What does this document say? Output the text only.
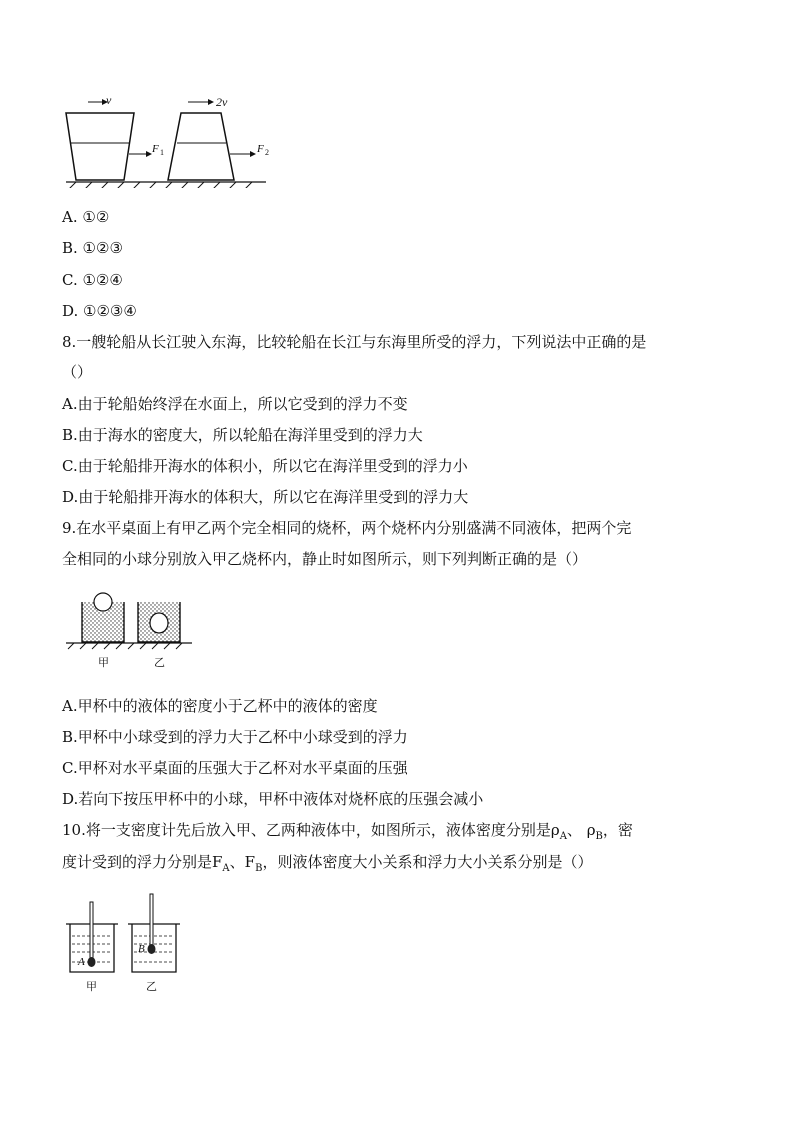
v
F 1
2v
F 2
A. ①②
B. ①②③
C. ①②④
D. ①②③④
8.一艘轮船从长江驶入东海，比较轮船在长江与东海里所受的浮力，下列说法中正确的是
（）
A.由于轮船始终浮在水面上，所以它受到的浮力不变
B.由于海水的密度大，所以轮船在海洋里受到的浮力大
C.由于轮船排开海水的体积小，所以它在海洋里受到的浮力小
D.由于轮船排开海水的体积大，所以它在海洋里受到的浮力大
9.在水平桌面上有甲乙两个完全相同的烧杯，两个烧杯内分别盛满不同液体，把两个完
全相同的小球分别放入甲乙烧杯内，静止时如图所示，则下列判断正确的是（）
甲	乙
A.甲杯中的液体的密度小于乙杯中的液体的密度
B.甲杯中小球受到的浮力大于乙杯中小球受到的浮力
C.甲杯对水平桌面的压强大于乙杯对水平桌面的压强
D.若向下按压甲杯中的小球，甲杯中液体对烧杯底的压强会减小
10.将一支密度计先后放入甲、乙两种液体中，如图所示，液体密度分别是$\rho_A$、 $\rho_B$，密
度计受到的浮力分别是$F_A$、$F_B$，则液体密度大小关系和浮力大小关系分别是（）
A
甲
B
乙
